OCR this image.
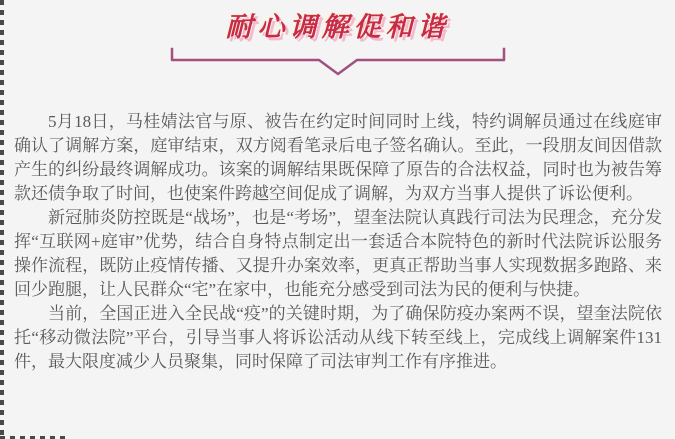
耐心调解促和谐

5月18日，马桂婧法官与原、被告在约定时间同时上线，特约调解员通过在线庭审确认了调解方案，庭审结束，双方阅看笔录后电子签名确认。至此，一段朋友间因借款产生的纠纷最终调解成功。该案的调解结果既保障了原告的合法权益，同时也为被告筹款还债争取了时间，也使案件跨越空间促成了调解，为双方当事人提供了诉讼便利。

新冠肺炎防控既是“战场”，也是“考场”，望奎法院认真践行司法为民理念，充分发挥“互联网+庭审”优势，结合自身特点制定出一套适合本院特色的新时代法院诉讼服务操作流程，既防止疫情传播、又提升办案效率，更真正帮助当事人实现数据多跑路、来回少跑腿，让人民群众“宅”在家中，也能充分感受到司法为民的便利与快捷。

当前，全国正进入全民战“疫”的关键时期，为了确保防疫办案两不误，望奎法院依托“移动微法院”平台，引导当事人将诉讼活动从线下转至线上，完成线上调解案件131件，最大限度减少人员聚集，同时保障了司法审判工作有序推进。
